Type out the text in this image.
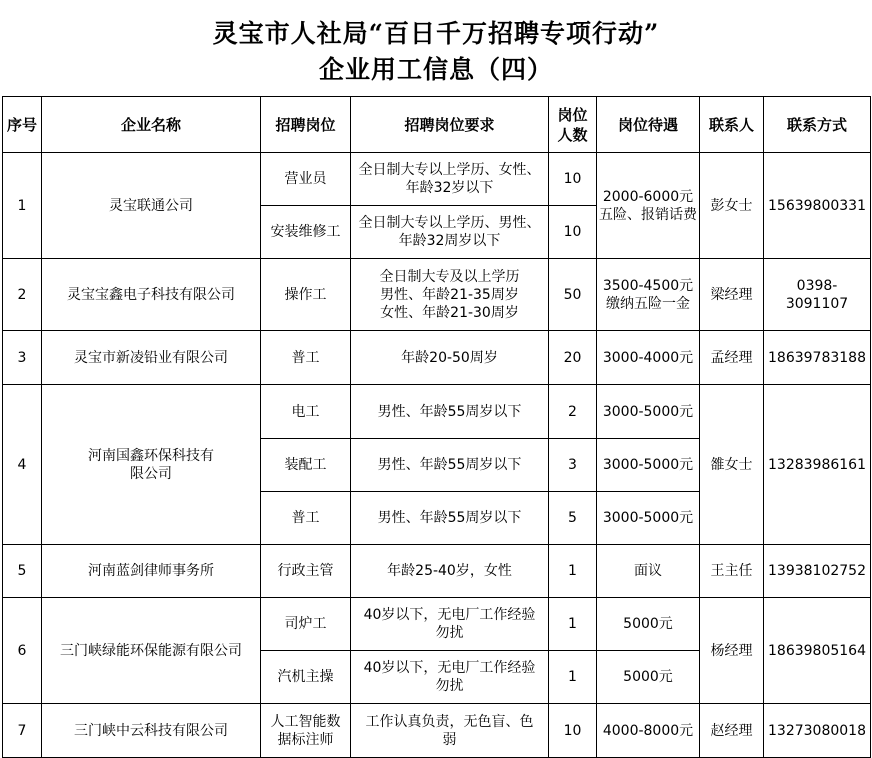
灵宝市人社局“百日千万招聘专项行动”
企业用工信息（四）
序号	企业名称	招聘岗位	招聘岗位要求	岗位人数	岗位待遇	联系人	联系方式
1	灵宝联通公司	营业员	全日制大专以上学历、女性、年龄32岁以下	10	2000-6000元五险、报销话费	彭女士	15639800331
		安装维修工	全日制大专以上学历、男性、年龄32周岁以下	10			
2	灵宝宝鑫电子科技有限公司	操作工	全日制大专及以上学历
男性、年龄21-35周岁
女性、年龄21-30周岁	50	3500-4500元缴纳五险一金	梁经理	0398-3091107
3	灵宝市新凌铅业有限公司	普工	年龄20-50周岁	20	3000-4000元	孟经理	18639783188
4	河南国鑫环保科技有限公司	电工	男性、年龄55周岁以下	2	3000-5000元	雒女士	13283986161
		装配工	男性、年龄55周岁以下	3	3000-5000元		
		普工	男性、年龄55周岁以下	5	3000-5000元		
5	河南蓝剑律师事务所	行政主管	年龄25-40岁，女性	1	面议	王主任	13938102752
6	三门峡绿能环保能源有限公司	司炉工	40岁以下，无电厂工作经验勿扰	1	5000元	杨经理	18639805164
		汽机主操	40岁以下，无电厂工作经验勿扰	1	5000元		
7	三门峡中云科技有限公司	人工智能数据标注师	工作认真负责，无色盲、色弱	10	4000-8000元	赵经理	13273080018
